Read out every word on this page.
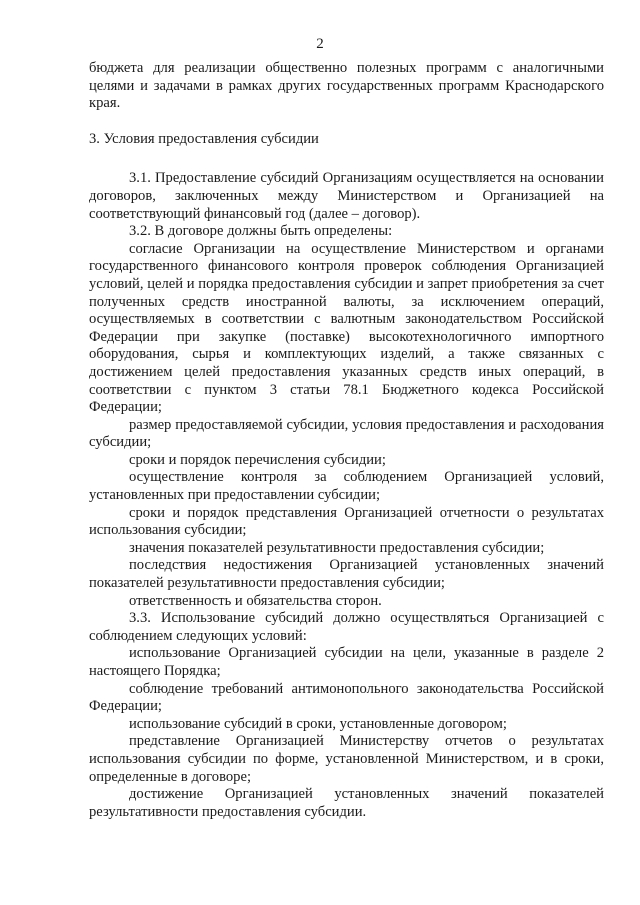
2

бюджета для реализации общественно полезных программ с аналогичными целями и задачами в рамках других государственных программ Краснодарского края.

3. Условия предоставления субсидии

3.1. Предоставление субсидий Организациям осуществляется на основании договоров, заключенных между Министерством и Организацией на соответствующий финансовый год (далее – договор).

3.2. В договоре должны быть определены:

согласие Организации на осуществление Министерством и органами государственного финансового контроля проверок соблюдения Организацией условий, целей и порядка предоставления субсидии и запрет приобретения за счет полученных средств иностранной валюты, за исключением операций, осуществляемых в соответствии с валютным законодательством Российской Федерации при закупке (поставке) высокотехнологичного импортного оборудования, сырья и комплектующих изделий, а также связанных с достижением целей предоставления указанных средств иных операций, в соответствии с пунктом 3 статьи 78.1 Бюджетного кодекса Российской Федерации;

размер предоставляемой субсидии, условия предоставления и расходования субсидии;

сроки и порядок перечисления субсидии;

осуществление контроля за соблюдением Организацией условий, установленных при предоставлении субсидии;

сроки и порядок представления Организацией отчетности о результатах использования субсидии;

значения показателей результативности предоставления субсидии;

последствия недостижения Организацией установленных значений показателей результативности предоставления субсидии;

ответственность и обязательства сторон.

3.3. Использование субсидий должно осуществляться Организацией с соблюдением следующих условий:

использование Организацией субсидии на цели, указанные в разделе 2 настоящего Порядка;

соблюдение требований антимонопольного законодательства Российской Федерации;

использование субсидий в сроки, установленные договором;

представление Организацией Министерству отчетов о результатах использования субсидии по форме, установленной Министерством, и в сроки, определенные в договоре;

достижение Организацией установленных значений показателей результативности предоставления субсидии.
